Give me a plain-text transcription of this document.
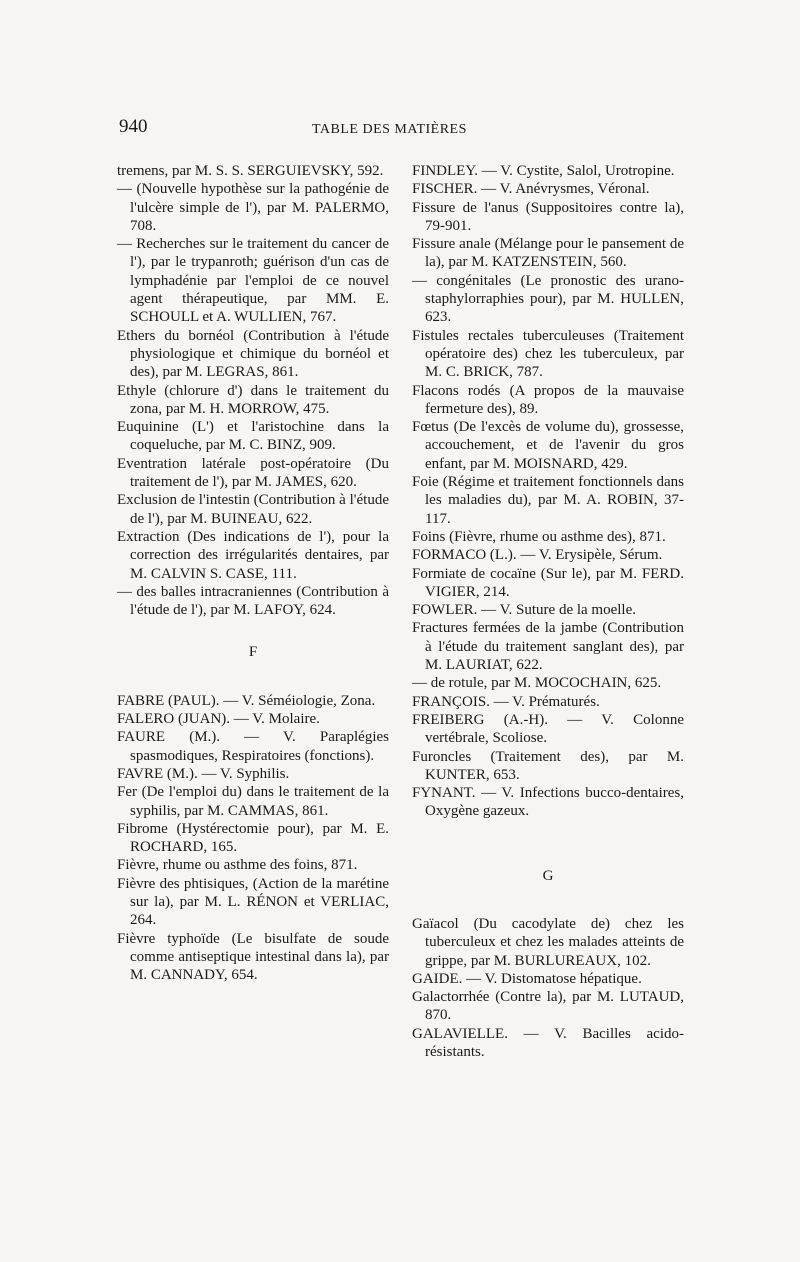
940	TABLE DES MATIÈRES

tremens, par M. S. S. SERGUIEVSKY, 592.

— (Nouvelle hypothèse sur la pathogénie de l'ulcère simple de l'), par M. PALERMO, 708.

— Recherches sur le traitement du cancer de l'), par le trypanroth; guérison d'un cas de lymphadénie par l'emploi de ce nouvel agent thérapeutique, par MM. E. SCHOULL et A. WULLIEN, 767.

Ethers du bornéol (Contribution à l'étude physiologique et chimique du bornéol et des), par M. LEGRAS, 861.

Ethyle (chlorure d') dans le traitement du zona, par M. H. MORROW, 475.

Euquinine (L') et l'aristochine dans la coqueluche, par M. C. BINZ, 909.

Eventration latérale post-opératoire (Du traitement de l'), par M. JAMES, 620.

Exclusion de l'intestin (Contribution à l'étude de l'), par M. BUINEAU, 622.

Extraction (Des indications de l'), pour la correction des irrégularités dentaires, par M. CALVIN S. CASE, 111.

— des balles intracraniennes (Contribution à l'étude de l'), par M. LAFOY, 624.

F

FABRE (PAUL). — V. Séméiologie, Zona.

FALERO (JUAN). — V. Molaire.

FAURE (M.). — V. Paraplégies spasmodiques, Respiratoires (fonctions).

FAVRE (M.). — V. Syphilis.

Fer (De l'emploi du) dans le traitement de la syphilis, par M. CAMMAS, 861.

Fibrome (Hystérectomie pour), par M. E. ROCHARD, 165.

Fièvre, rhume ou asthme des foins, 871.

Fièvre des phtisiques, (Action de la marétine sur la), par M. L. RÉNON et VERLIAC, 264.

Fièvre typhoïde (Le bisulfate de soude comme antiseptique intestinal dans la), par M. CANNADY, 654.

FINDLEY. — V. Cystite, Salol, Urotropine.

FISCHER. — V. Anévrysmes, Véronal.

Fissure de l'anus (Suppositoires contre la), 79-901.

Fissure anale (Mélange pour le pansement de la), par M. KATZENSTEIN, 560.

— congénitales (Le pronostic des urano-staphylorraphies pour), par M. HULLEN, 623.

Fistules rectales tuberculeuses (Traitement opératoire des) chez les tuberculeux, par M. C. BRICK, 787.

Flacons rodés (A propos de la mauvaise fermeture des), 89.

Fœtus (De l'excès de volume du), grossesse, accouchement, et de l'avenir du gros enfant, par M. MOISNARD, 429.

Foie (Régime et traitement fonctionnels dans les maladies du), par M. A. ROBIN, 37-117.

Foins (Fièvre, rhume ou asthme des), 871.

FORMACO (L.). — V. Erysipèle, Sérum.

Formiate de cocaïne (Sur le), par M. FERD. VIGIER, 214.

FOWLER. — V. Suture de la moelle.

Fractures fermées de la jambe (Contribution à l'étude du traitement sanglant des), par M. LAURIAT, 622.

— de rotule, par M. MOCOCHAIN, 625.

FRANÇOIS. — V. Prématurés.

FREIBERG (A.-H). — V. Colonne vertébrale, Scoliose.

Furoncles (Traitement des), par M. KUNTER, 653.

FYNANT. — V. Infections bucco-dentaires, Oxygène gazeux.

G

Gaïacol (Du cacodylate de) chez les tuberculeux et chez les malades atteints de grippe, par M. BURLUREAUX, 102.

GAIDE. — V. Distomatose hépatique.

Galactorrhée (Contre la), par M. LUTAUD, 870.

GALAVIELLE. — V. Bacilles acido-résistants.
